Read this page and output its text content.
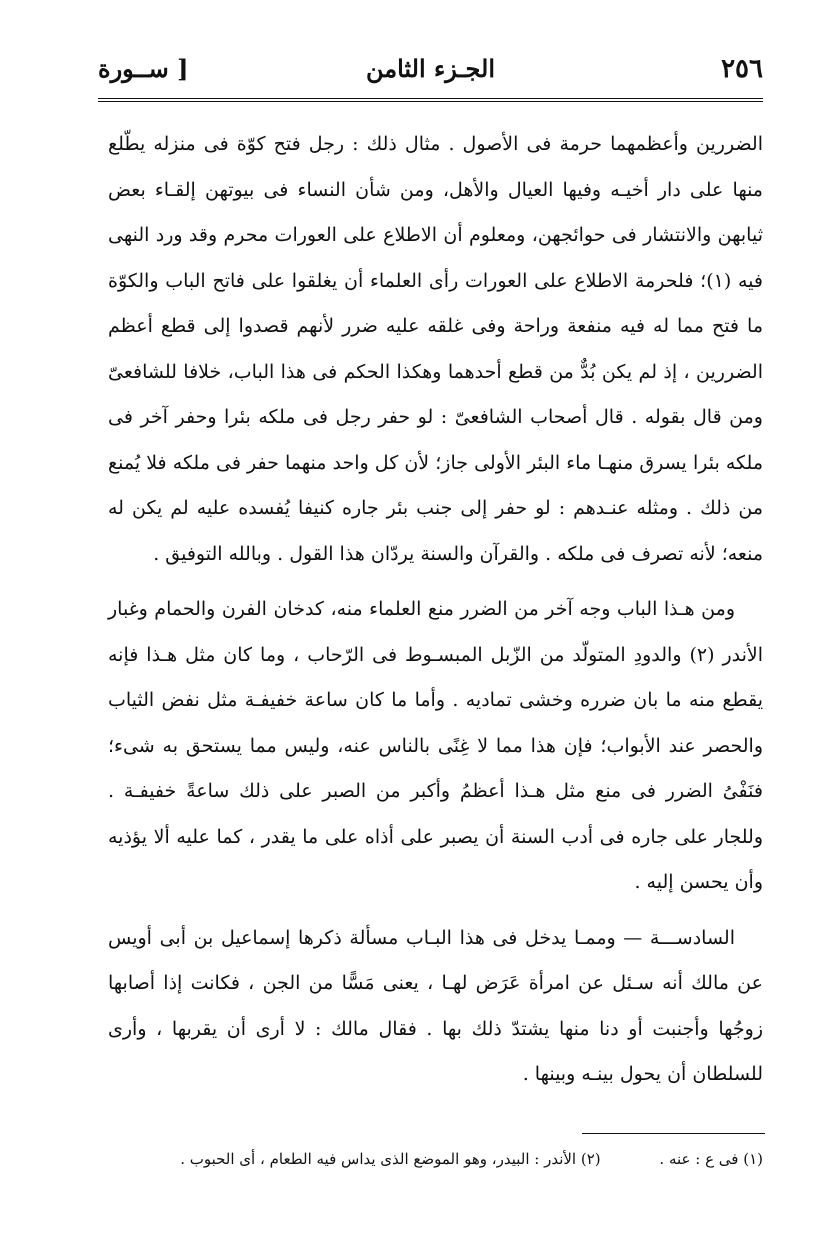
٢٥٦
الجـزء الثامن
[ ســورة

الضررين وأعظمهما حرمة فى الأصول . مثال ذلك : رجل فتح كوّة فى منزله يطّلع منها على دار أخيـه وفيها العيال والأهل، ومن شأن النساء فى بيوتهن إلقـاء بعض ثيابهن والانتشار فى حوائجهن، ومعلوم أن الاطلاع على العورات محرم وقد ورد النهى فيه (١)؛ فلحرمة الاطلاع على العورات رأى العلماء أن يغلقوا على فاتح الباب والكوّة ما فتح مما له فيه منفعة وراحة وفى غلقه عليه ضرر لأنهم قصدوا إلى قطع أعظم الضررين ، إذ لم يكن بُدٌّ من قطع أحدهما وهكذا الحكم فى هذا الباب، خلافا للشافعىّ ومن قال بقوله . قال أصحاب الشافعىّ : لو حفر رجل فى ملكه بئرا وحفر آخر فى ملكه بئرا يسرق منهـا ماء البئر الأولى جاز؛ لأن كل واحد منهما حفر فى ملكه فلا يُمنع من ذلك . ومثله عنـدهم : لو حفر إلى جنب بئر جاره كنيفا يُفسده عليه لم يكن له منعه؛ لأنه تصرف فى ملكه . والقرآن والسنة يردّان هذا القول . وبالله التوفيق .

ومن هـذا الباب وجه آخر من الضرر منع العلماء منه، كدخان الفرن والحمام وغبار الأندر (٢) والدودِ المتولّد من الزّبل المبسـوط فى الرّحاب ، وما كان مثل هـذا فإنه يقطع منه ما بان ضرره وخشى تماديه . وأما ما كان ساعة خفيفـة مثل نفض الثياب والحصر عند الأبواب؛ فإن هذا مما لا غِنًى بالناس عنه، وليس مما يستحق به شىء؛ فنَفْىُ الضرر فى منع مثل هـذا أعظمُ وأكبر من الصبر على ذلك ساعةً خفيفـة . وللجار على جاره فى أدب السنة أن يصبر على أذاه على ما يقدر ، كما عليه ألا يؤذيه وأن يحسن إليه .

السادســـة — وممـا يدخل فى هذا البـاب مسألة ذكرها إسماعيل بن أبى أويس عن مالك أنه سـئل عن امرأة عَرَض لهـا ، يعنى مَسًّا من الجن ، فكانت إذا أصابها زوجُها وأجنبت أو دنا منها يشتدّ ذلك بها . فقال مالك : لا أرى أن يقربها ، وأرى للسلطان أن يحول بينـه وبينها .

(١) فى ع : عنه . (٢) الأندر : البيدر، وهو الموضع الذى يداس فيه الطعام ، أى الحبوب .
